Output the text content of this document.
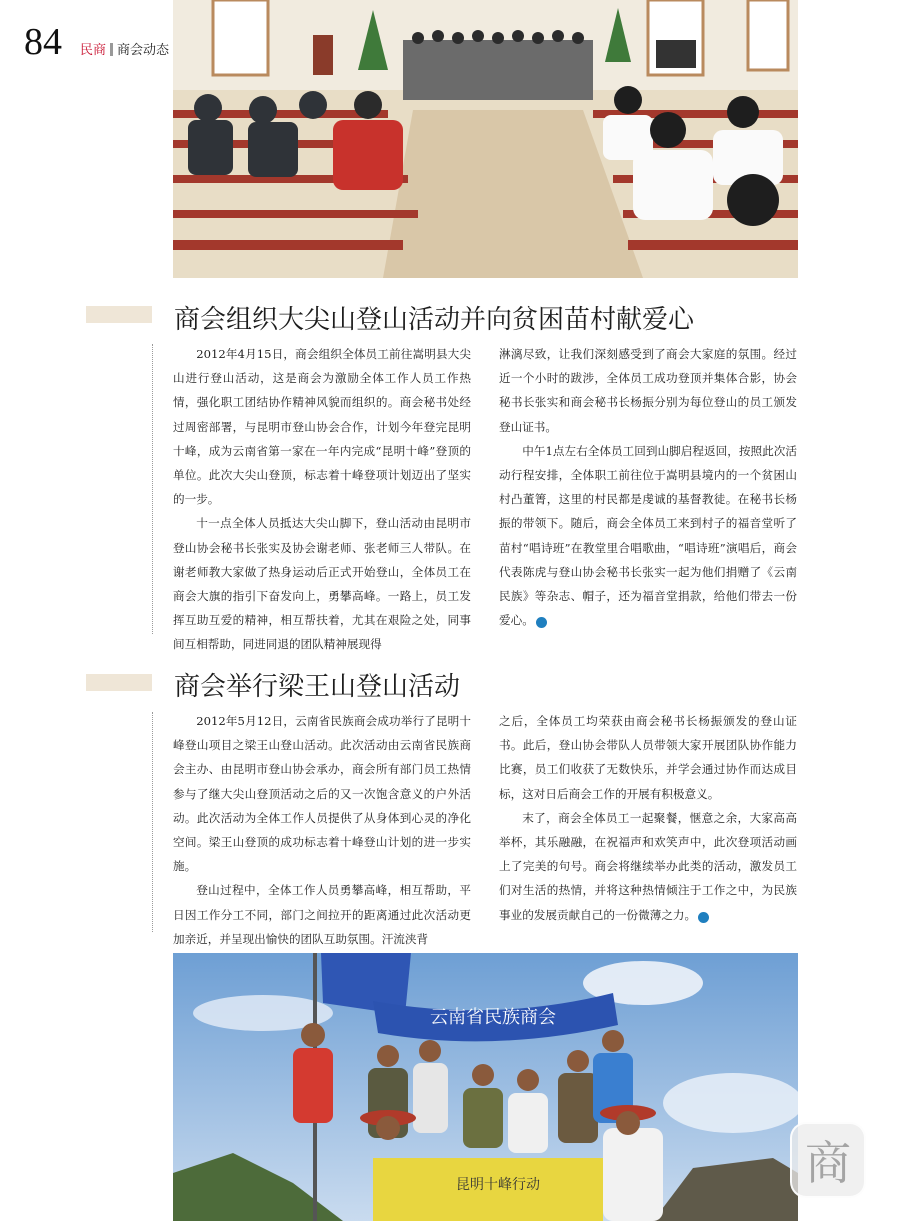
84 民商 商会动态
商会组织大尖山登山活动并向贫困苗村献爱心

2012年4月15日，商会组织全体员工前往嵩明县大尖山进行登山活动，这是商会为激励全体工作人员工作热情，强化职工团结协作精神风貌而组织的。商会秘书处经过周密部署，与昆明市登山协会合作，计划今年登完昆明十峰，成为云南省第一家在一年内完成“昆明十峰”登顶的单位。此次大尖山登顶，标志着十峰登项计划迈出了坚实的一步。

十一点全体人员抵达大尖山脚下，登山活动由昆明市登山协会秘书长张实及协会谢老师、张老师三人带队。在谢老师教大家做了热身运动后正式开始登山，全体员工在商会大旗的指引下奋发向上，勇攀高峰。一路上，员工发挥互助互爱的精神，相互帮扶着，尤其在艰险之处，同事间互相帮助，同进同退的团队精神展现得

淋漓尽致，让我们深刻感受到了商会大家庭的氛围。经过近一个小时的跋涉，全体员工成功登顶并集体合影，协会秘书长张实和商会秘书长杨振分别为每位登山的员工颁发登山证书。

中午1点左右全体员工回到山脚启程返回，按照此次活动行程安排，全体职工前往位于嵩明县境内的一个贫困山村凸董箐，这里的村民都是虔诚的基督教徒。在秘书长杨振的带领下。随后，商会全体员工来到村子的福音堂听了苗村“唱诗班”在教堂里合唱歌曲，“唱诗班”演唱后，商会代表陈虎与登山协会秘书长张实一起为他们捐赠了《云南民族》等杂志、帽子，还为福音堂捐款，给他们带去一份爱心。	►

商会举行梁王山登山活动

2012年5月12日，云南省民族商会成功举行了昆明十峰登山项目之梁王山登山活动。此次活动由云南省民族商会主办、由昆明市登山协会承办，商会所有部门员工热情参与了继大尖山登顶活动之后的又一次饱含意义的户外活动。此次活动为全体工作人员提供了从身体到心灵的净化空间。梁王山登顶的成功标志着十峰登山计划的进一步实施。

登山过程中，全体工作人员勇攀高峰，相互帮助，平日因工作分工不同，部门之间拉开的距离通过此次活动更加亲近，并呈现出愉快的团队互助氛围。汗流浃背

之后，全体员工均荣获由商会秘书长杨振颁发的登山证书。此后，登山协会带队人员带领大家开展团队协作能力比赛，员工们收获了无数快乐，并学会通过协作而达成目标，这对日后商会工作的开展有积极意义。

末了，商会全体员工一起聚餐，惬意之余，大家高高举杯，其乐融融，在祝福声和欢笑声中，此次登项活动画上了完美的句号。商会将继续举办此类的活动，激发员工们对生活的热情，并将这种热情倾注于工作之中，为民族事业的发展贡献自己的一份微薄之力。	►

云南省民族商会
昆明十峰行动	商
